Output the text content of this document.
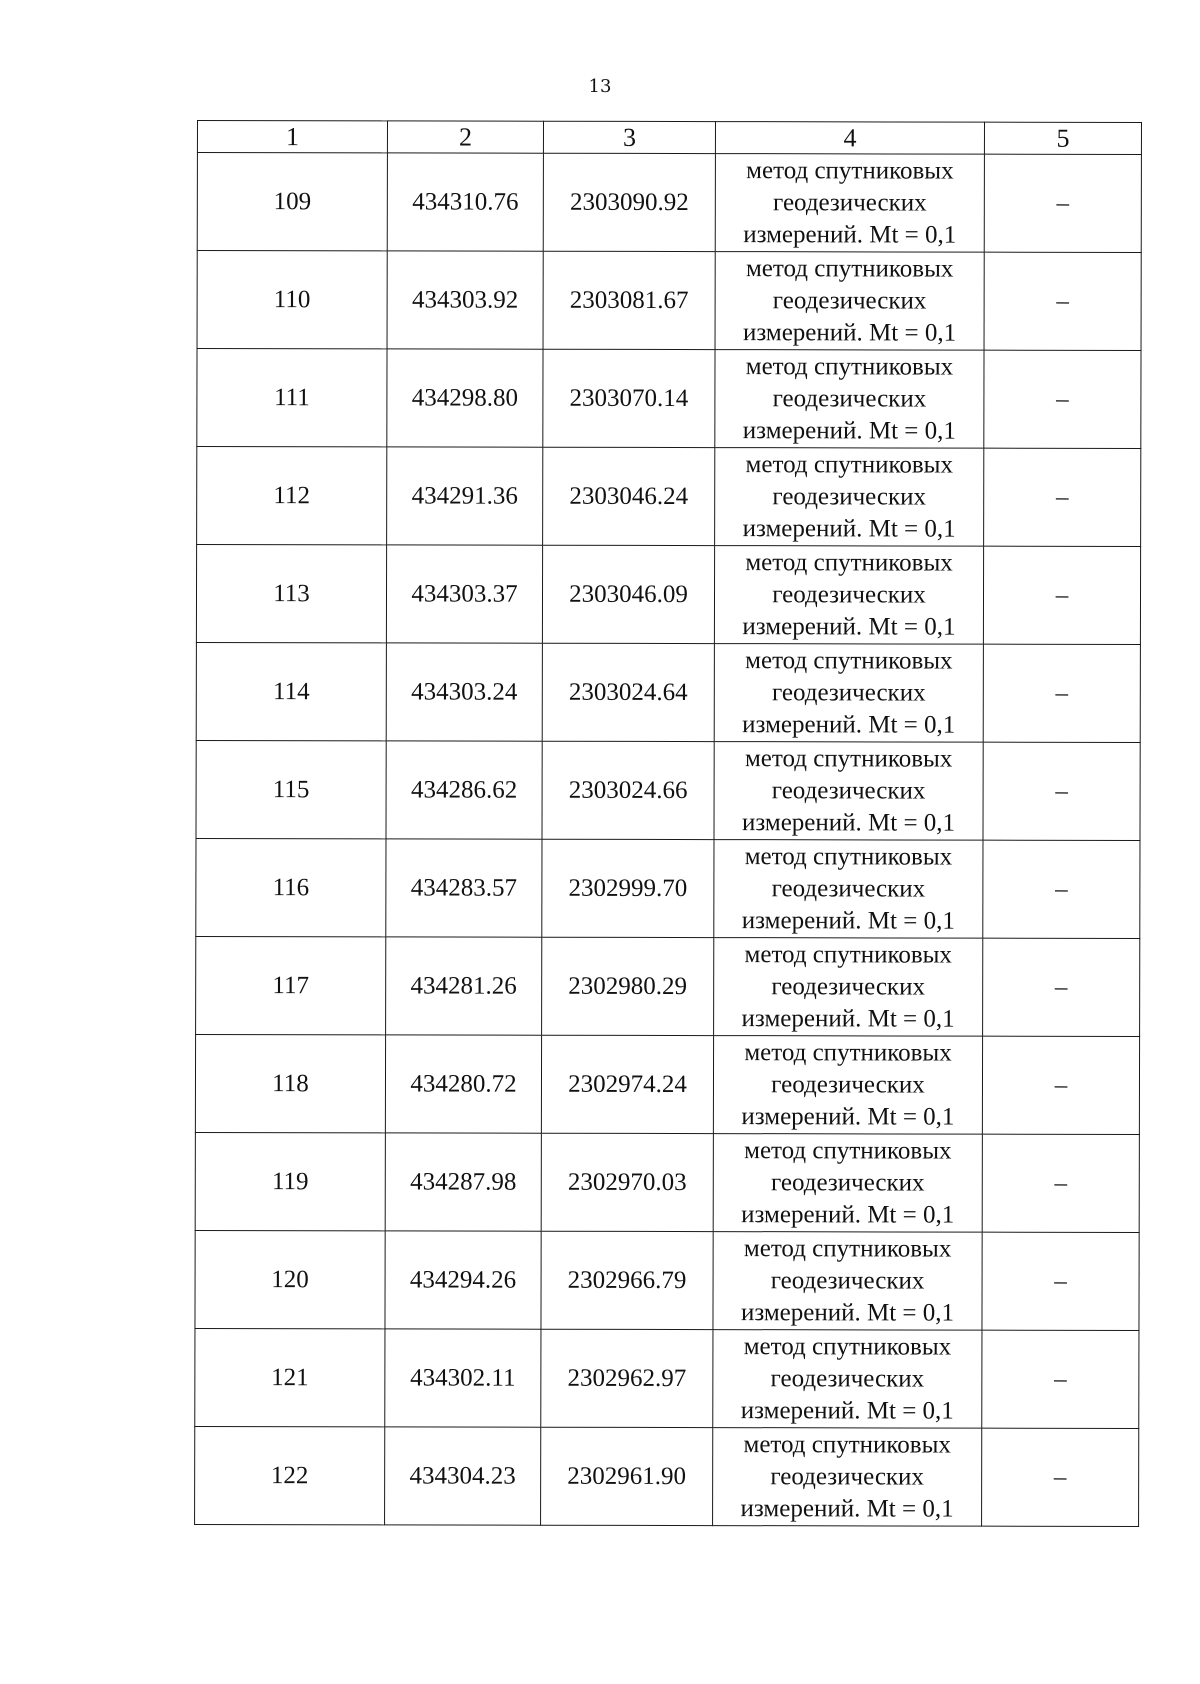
13
1	2	3	4	5
109	434310.76	2303090.92	метод спутниковых
геодезических
измерений. Mt = 0,1	–
110	434303.92	2303081.67	метод спутниковых
геодезических
измерений. Mt = 0,1	–
111	434298.80	2303070.14	метод спутниковых
геодезических
измерений. Mt = 0,1	–
112	434291.36	2303046.24	метод спутниковых
геодезических
измерений. Mt = 0,1	–
113	434303.37	2303046.09	метод спутниковых
геодезических
измерений. Mt = 0,1	–
114	434303.24	2303024.64	метод спутниковых
геодезических
измерений. Mt = 0,1	–
115	434286.62	2303024.66	метод спутниковых
геодезических
измерений. Mt = 0,1	–
116	434283.57	2302999.70	метод спутниковых
геодезических
измерений. Mt = 0,1	–
117	434281.26	2302980.29	метод спутниковых
геодезических
измерений. Mt = 0,1	–
118	434280.72	2302974.24	метод спутниковых
геодезических
измерений. Mt = 0,1	–
119	434287.98	2302970.03	метод спутниковых
геодезических
измерений. Mt = 0,1	–
120	434294.26	2302966.79	метод спутниковых
геодезических
измерений. Mt = 0,1	–
121	434302.11	2302962.97	метод спутниковых
геодезических
измерений. Mt = 0,1	–
122	434304.23	2302961.90	метод спутниковых
геодезических
измерений. Mt = 0,1	–
